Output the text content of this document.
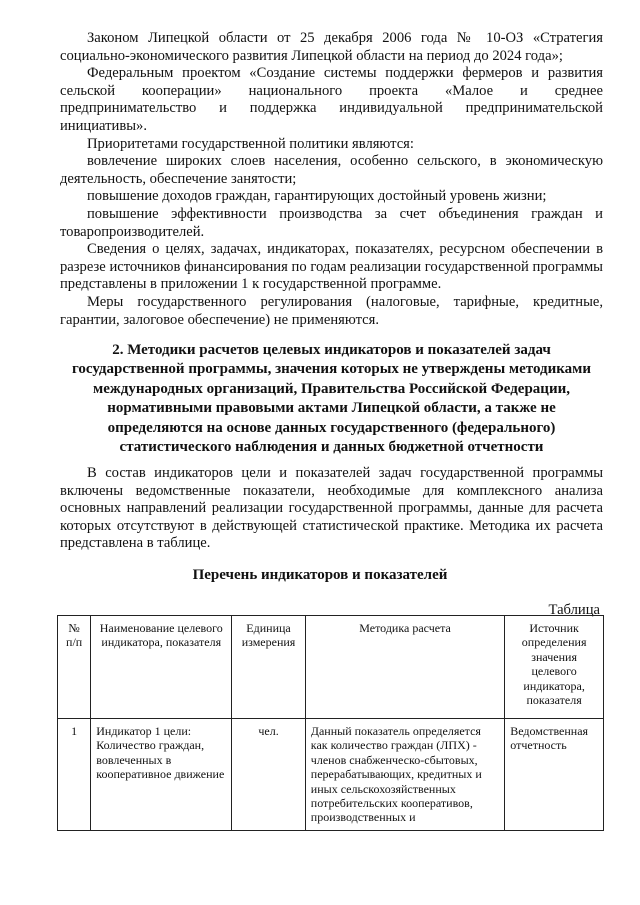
Законом Липецкой области от 25 декабря 2006 года № 10-ОЗ «Стратегия социально-экономического развития Липецкой области на период до 2024 года»;

Федеральным проектом «Создание системы поддержки фермеров и развития сельской кооперации» национального проекта «Малое и среднее предпринимательство и поддержка индивидуальной предпринимательской инициативы».

Приоритетами государственной политики являются:

вовлечение широких слоев населения, особенно сельского, в экономическую деятельность, обеспечение занятости;

повышение доходов граждан, гарантирующих достойный уровень жизни;

повышение эффективности производства за счет объединения граждан и товаропроизводителей.

Сведения о целях, задачах, индикаторах, показателях, ресурсном обеспечении в разрезе источников финансирования по годам реализации государственной программы представлены в приложении 1 к государственной программе.

Меры государственного регулирования (налоговые, тарифные, кредитные, гарантии, залоговое обеспечение) не применяются.

2. Методики расчетов целевых индикаторов и показателей задач
государственной программы, значения которых не утверждены методиками
международных организаций, Правительства Российской Федерации,
нормативными правовыми актами Липецкой области, а также не
определяются на основе данных государственного (федерального)
статистического наблюдения и данных бюджетной отчетности

В состав индикаторов цели и показателей задач государственной программы включены ведомственные показатели, необходимые для комплексного анализа основных направлений реализации государственной программы, данные для расчета которых отсутствуют в действующей статистической практике. Методика их расчета представлена в таблице.

Перечень индикаторов и показателей
Таблица
№ п/п	Наименование целевого индикатора, показателя	Единица измерения	Методика расчета	Источник определения значения целевого индикатора, показателя
1	Индикатор 1 цели: Количество граждан, вовлеченных в кооперативное движение	чел.	Данный показатель определяется как количество граждан (ЛПХ) - членов снабженческо-сбытовых, перерабатывающих, кредитных и иных сельскохозяйственных потребительских кооперативов, производственных и	Ведомственная отчетность
